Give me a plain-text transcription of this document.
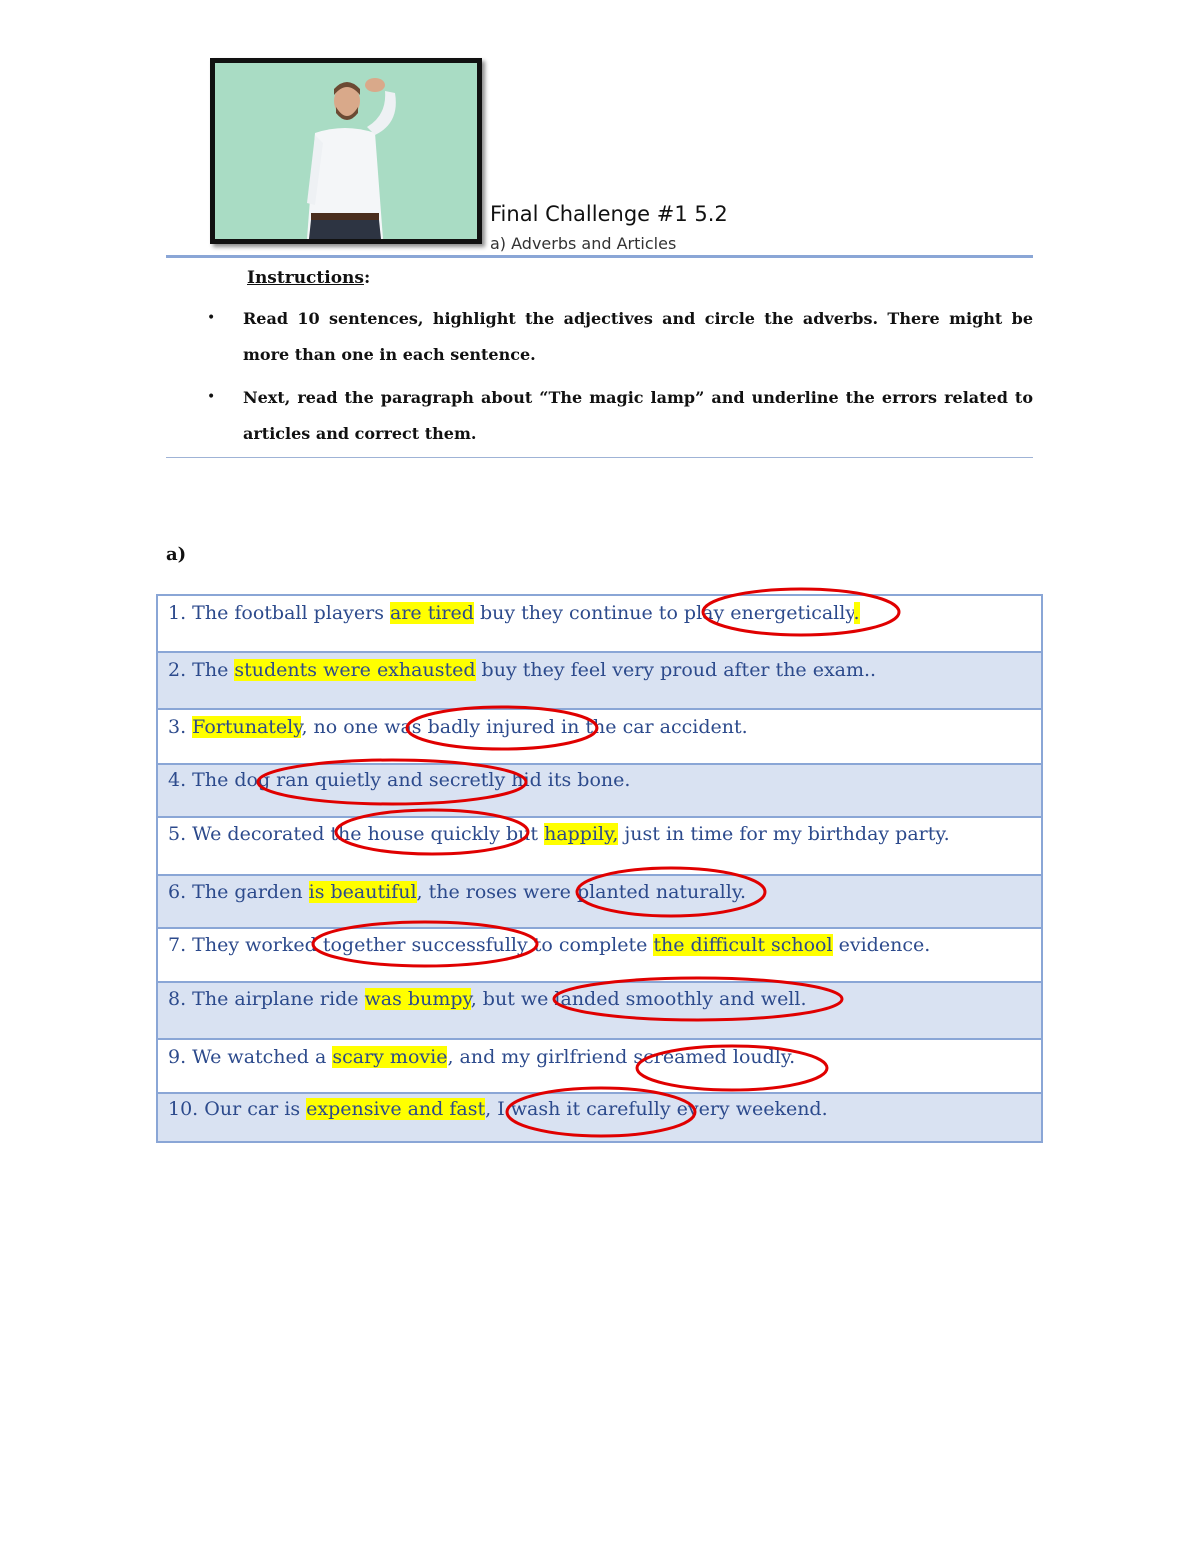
Final Challenge #1 5.2
a) Adverbs and Articles
Instructions:
• Read 10 sentences, highlight the adjectives and circle the adverbs. There might be
more than one in each sentence.
• Next, read the paragraph about “The magic lamp” and underline the errors related to
articles and correct them.
a)
1. The football players are tired buy they continue to play energetically.
2. The students were exhausted buy they feel very proud after the exam..
3. Fortunately, no one was badly injured in the car accident.
4. The dog ran quietly and secretly hid its bone.
5. We decorated the house quickly but happily, just in time for my birthday party.
6. The garden is beautiful, the roses were planted naturally.
7. They worked together successfully to complete the difficult school evidence.
8. The airplane ride was bumpy, but we landed smoothly and well.
9. We watched a scary movie, and my girlfriend screamed loudly.
10. Our car is expensive and fast, I wash it carefully every weekend.
